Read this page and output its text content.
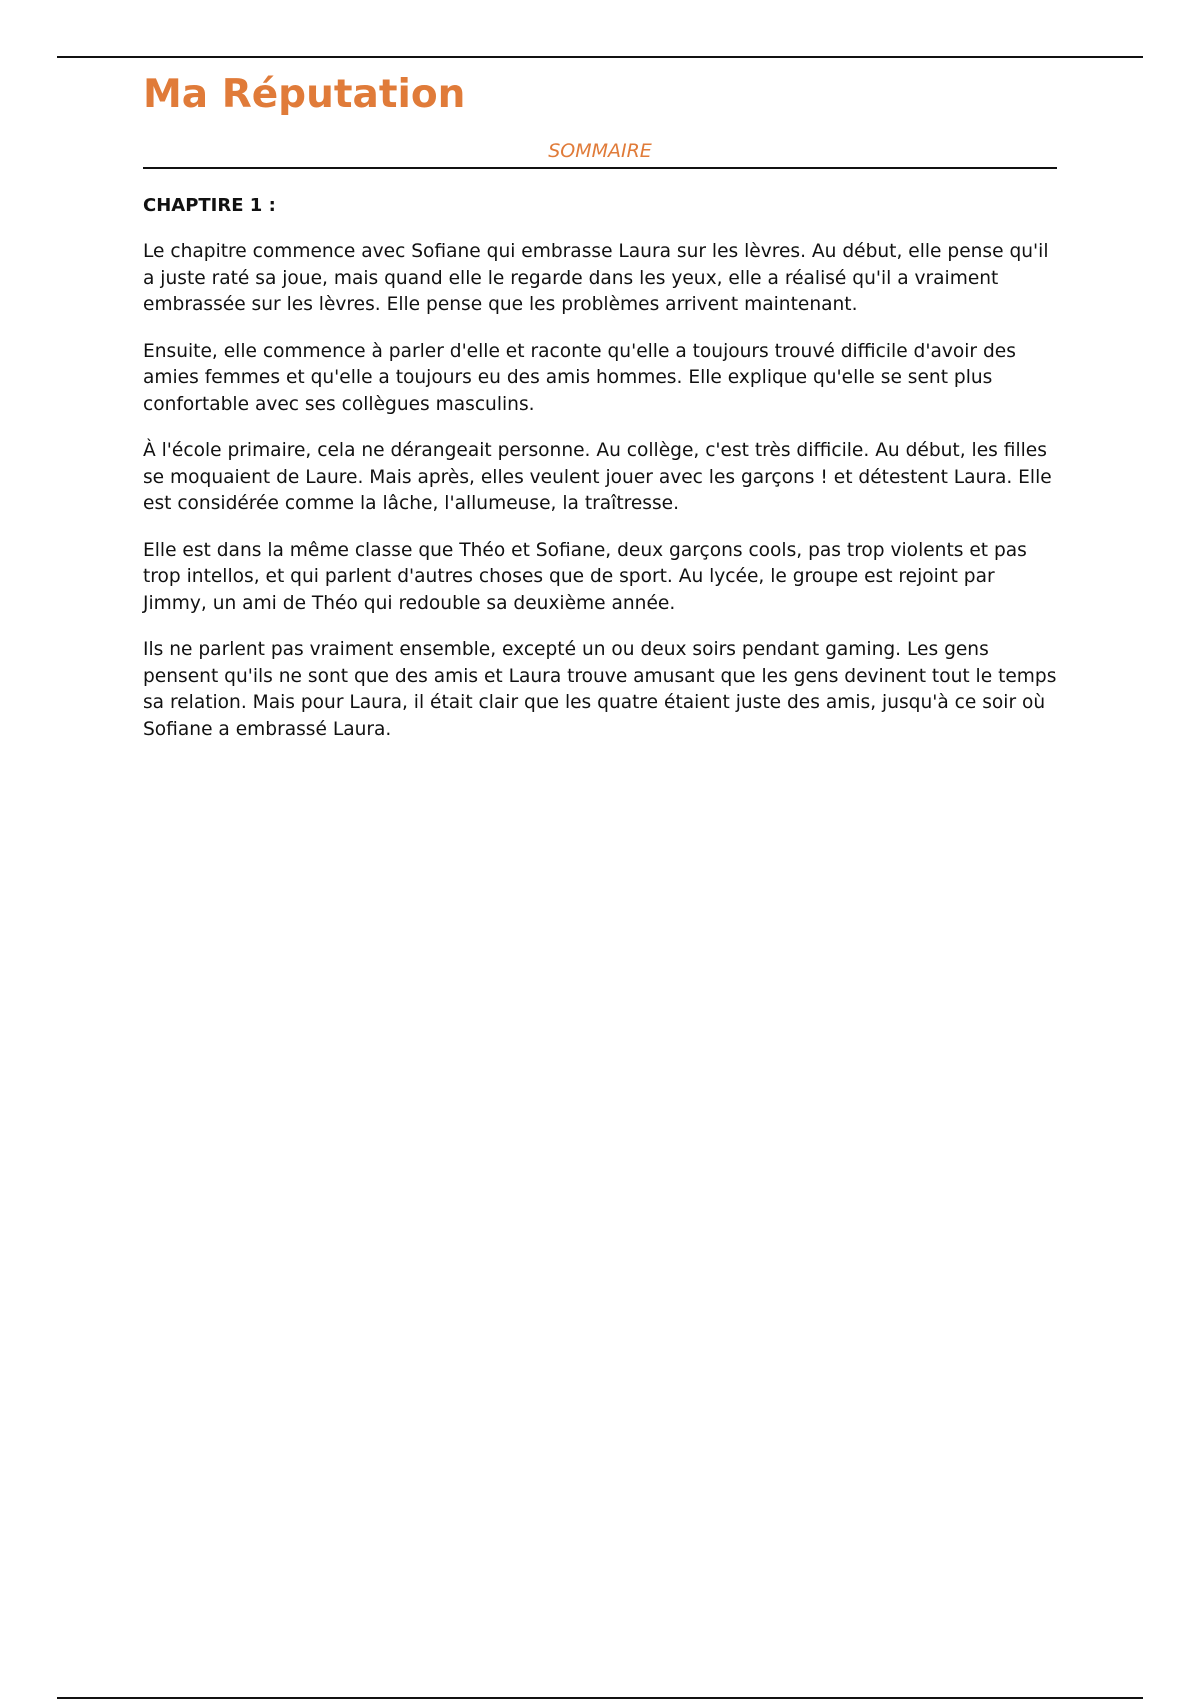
Ma Réputation
SOMMAIRE
CHAPTIRE 1 :

Le chapitre commence avec Sofiane qui embrasse Laura sur les lèvres. Au début, elle pense qu'il a juste raté sa joue, mais quand elle le regarde dans les yeux, elle a réalisé qu'il a vraiment embrassée sur les lèvres. Elle pense que les problèmes arrivent maintenant.

Ensuite, elle commence à parler d'elle et raconte qu'elle a toujours trouvé difficile d'avoir des amies femmes et qu'elle a toujours eu des amis hommes. Elle explique qu'elle se sent plus confortable avec ses collègues masculins.

À l'école primaire, cela ne dérangeait personne. Au collège, c'est très difficile. Au début, les filles se moquaient de Laure. Mais après, elles veulent jouer avec les garçons ! et détestent Laura. Elle est considérée comme la lâche, l'allumeuse, la traîtresse.

Elle est dans la même classe que Théo et Sofiane, deux garçons cools, pas trop violents et pas trop intellos, et qui parlent d'autres choses que de sport. Au lycée, le groupe est rejoint par Jimmy, un ami de Théo qui redouble sa deuxième année.

Ils ne parlent pas vraiment ensemble, excepté un ou deux soirs pendant gaming. Les gens pensent qu'ils ne sont que des amis et Laura trouve amusant que les gens devinent tout le temps sa relation. Mais pour Laura, il était clair que les quatre étaient juste des amis, jusqu'à ce soir où Sofiane a embrassé Laura.
